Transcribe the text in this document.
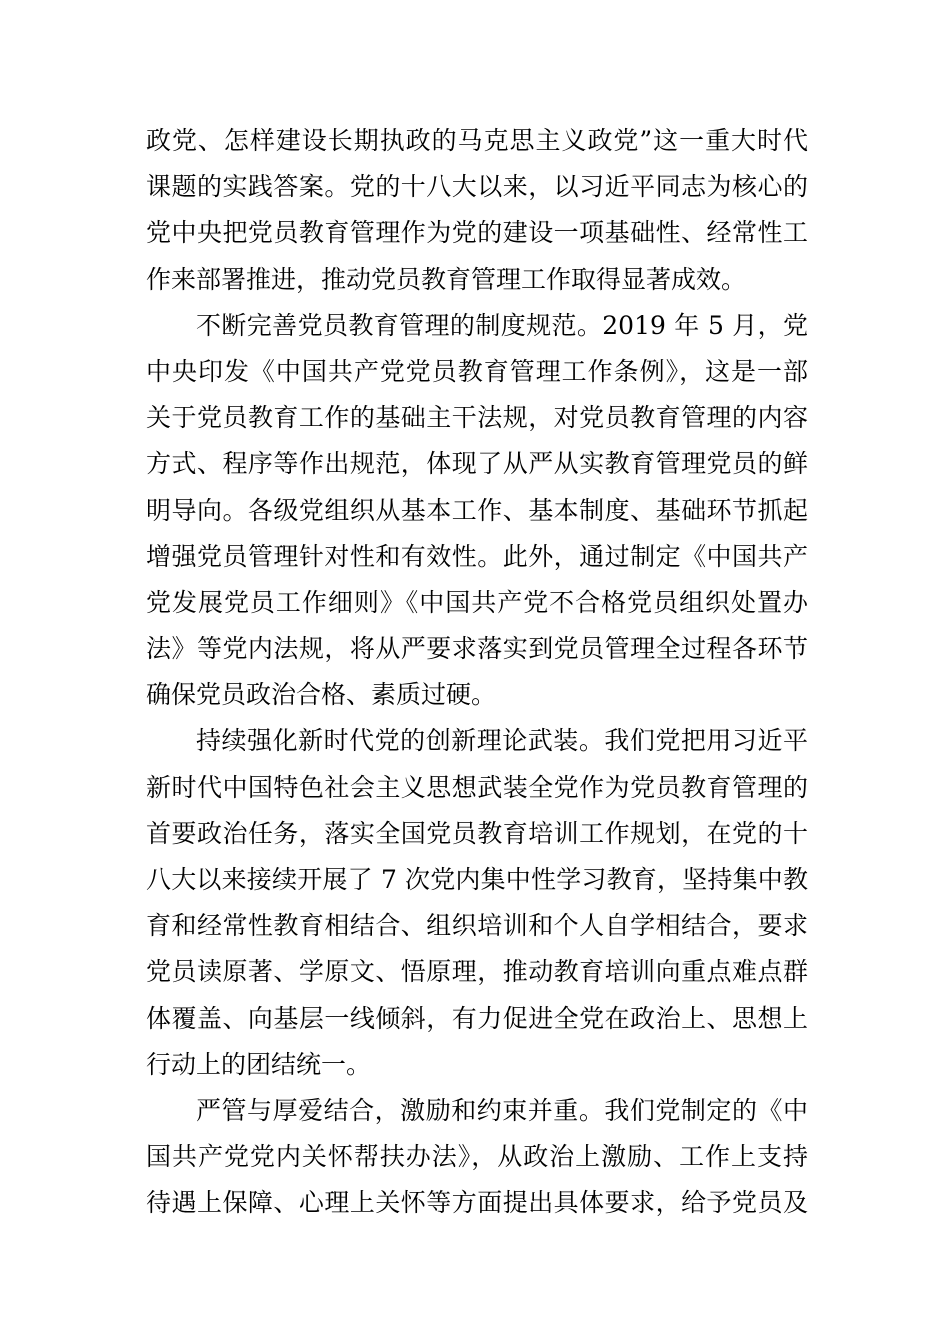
政党、怎样建设长期执政的马克思主义政党”这一重大时代
课题的实践答案。党的十八大以来，以习近平同志为核心的
党中央把党员教育管理作为党的建设一项基础性、经常性工
作来部署推进，推动党员教育管理工作取得显著成效。

不断完善党员教育管理的制度规范。2019 年 5 月，党
中央印发《中国共产党党员教育管理工作条例》，这是一部
关于党员教育工作的基础主干法规，对党员教育管理的内容
方式、程序等作出规范，体现了从严从实教育管理党员的鲜
明导向。各级党组织从基本工作、基本制度、基础环节抓起
增强党员管理针对性和有效性。此外，通过制定《中国共产
党发展党员工作细则》《中国共产党不合格党员组织处置办
法》等党内法规，将从严要求落实到党员管理全过程各环节
确保党员政治合格、素质过硬。

持续强化新时代党的创新理论武装。我们党把用习近平
新时代中国特色社会主义思想武装全党作为党员教育管理的
首要政治任务，落实全国党员教育培训工作规划，在党的十
八大以来接续开展了 7 次党内集中性学习教育，坚持集中教
育和经常性教育相结合、组织培训和个人自学相结合，要求
党员读原著、学原文、悟原理，推动教育培训向重点难点群
体覆盖、向基层一线倾斜，有力促进全党在政治上、思想上
行动上的团结统一。

严管与厚爱结合，激励和约束并重。我们党制定的《中
国共产党党内关怀帮扶办法》，从政治上激励、工作上支持
待遇上保障、心理上关怀等方面提出具体要求，给予党员及
